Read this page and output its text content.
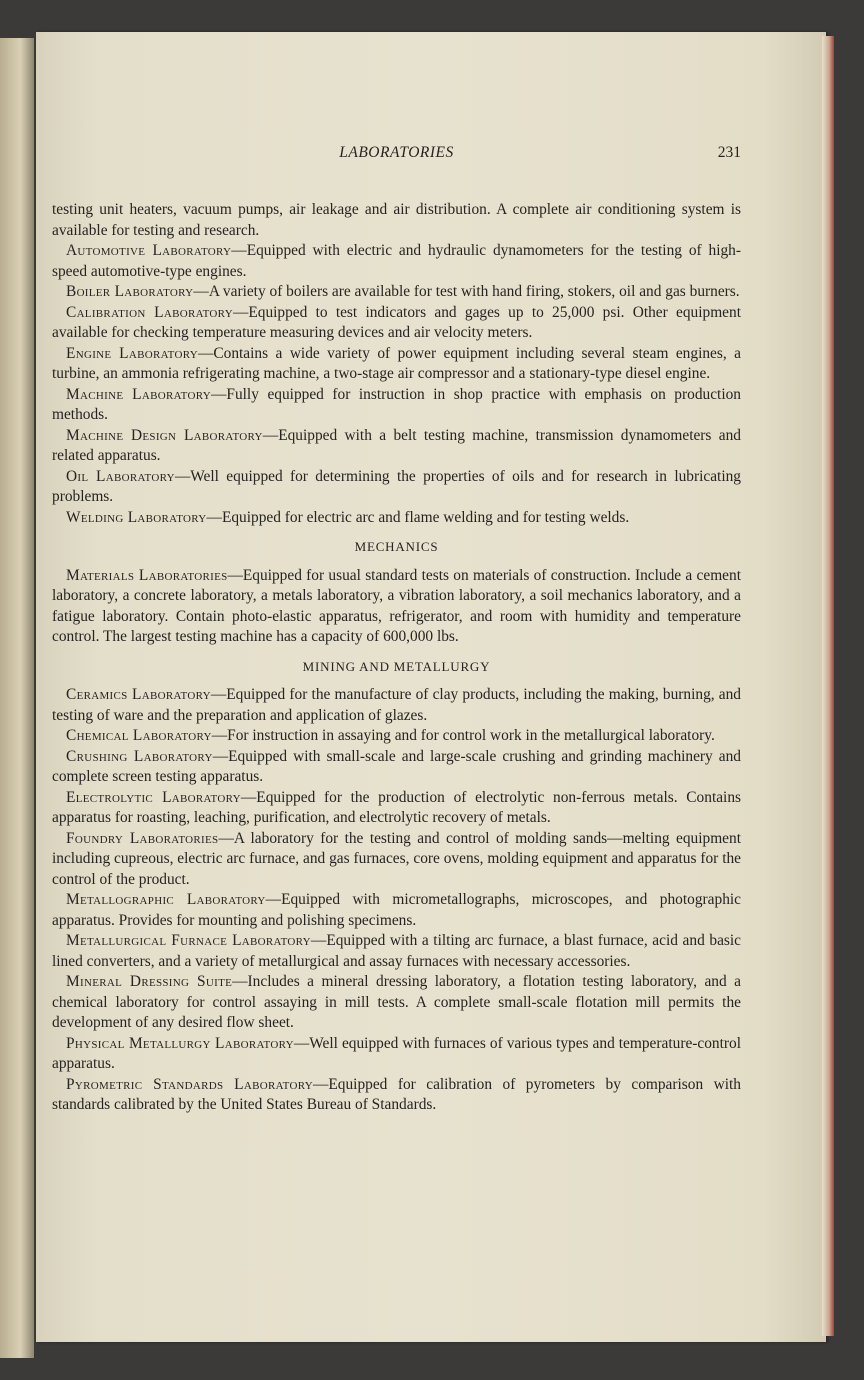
LABORATORIES	231

testing unit heaters, vacuum pumps, air leakage and air distribution. A complete air conditioning system is available for testing and research.

Automotive Laboratory—Equipped with electric and hydraulic dynamometers for the testing of high-speed automotive-type engines.

Boiler Laboratory—A variety of boilers are available for test with hand firing, stokers, oil and gas burners.

Calibration Laboratory—Equipped to test indicators and gages up to 25,000 psi. Other equipment available for checking temperature measuring devices and air velocity meters.

Engine Laboratory—Contains a wide variety of power equipment including several steam engines, a turbine, an ammonia refrigerating machine, a two-stage air compressor and a stationary-type diesel engine.

Machine Laboratory—Fully equipped for instruction in shop practice with emphasis on production methods.

Machine Design Laboratory—Equipped with a belt testing machine, transmission dynamometers and related apparatus.

Oil Laboratory—Well equipped for determining the properties of oils and for research in lubricating problems.

Welding Laboratory—Equipped for electric arc and flame welding and for testing welds.

MECHANICS

Materials Laboratories—Equipped for usual standard tests on materials of construction. Include a cement laboratory, a concrete laboratory, a metals laboratory, a vibration laboratory, a soil mechanics laboratory, and a fatigue laboratory. Contain photo-elastic apparatus, refrigerator, and room with humidity and temperature control. The largest testing machine has a capacity of 600,000 lbs.

MINING AND METALLURGY

Ceramics Laboratory—Equipped for the manufacture of clay products, including the making, burning, and testing of ware and the preparation and application of glazes.

Chemical Laboratory—For instruction in assaying and for control work in the metallurgical laboratory.

Crushing Laboratory—Equipped with small-scale and large-scale crushing and grinding machinery and complete screen testing apparatus.

Electrolytic Laboratory—Equipped for the production of electrolytic non-ferrous metals. Contains apparatus for roasting, leaching, purification, and electrolytic recovery of metals.

Foundry Laboratories—A laboratory for the testing and control of molding sands—melting equipment including cupreous, electric arc furnace, and gas furnaces, core ovens, molding equipment and apparatus for the control of the product.

Metallographic Laboratory—Equipped with micrometallographs, microscopes, and photographic apparatus. Provides for mounting and polishing specimens.

Metallurgical Furnace Laboratory—Equipped with a tilting arc furnace, a blast furnace, acid and basic lined converters, and a variety of metallurgical and assay furnaces with necessary accessories.

Mineral Dressing Suite—Includes a mineral dressing laboratory, a flotation testing laboratory, and a chemical laboratory for control assaying in mill tests. A complete small-scale flotation mill permits the development of any desired flow sheet.

Physical Metallurgy Laboratory—Well equipped with furnaces of various types and temperature-control apparatus.

Pyrometric Standards Laboratory—Equipped for calibration of pyrometers by comparison with standards calibrated by the United States Bureau of Standards.
